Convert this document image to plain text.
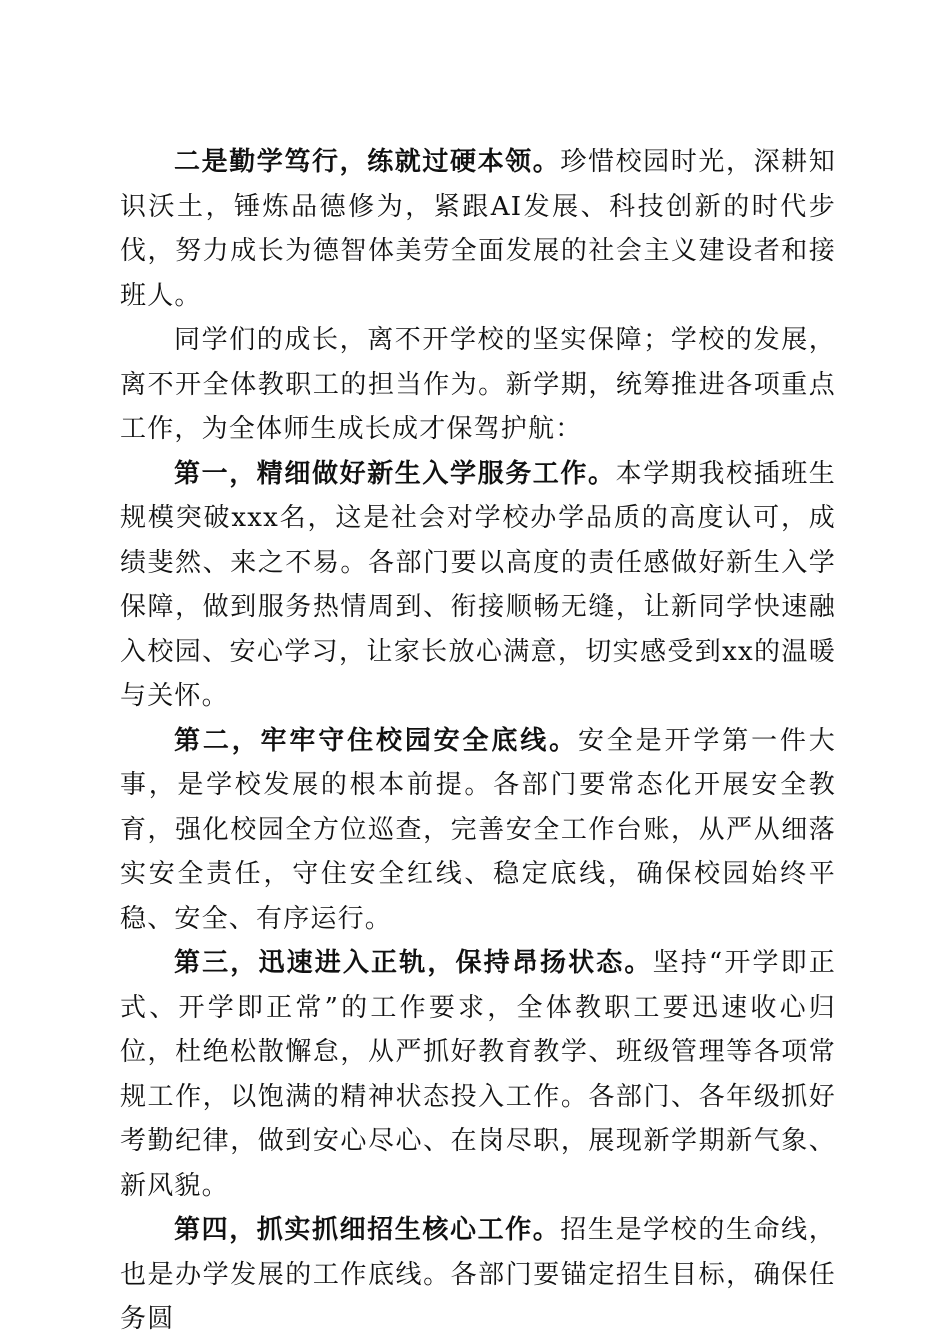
二是勤学笃行，练就过硬本领。珍惜校园时光，深耕知识沃土，锤炼品德修为，紧跟AI发展、科技创新的时代步伐，努力成长为德智体美劳全面发展的社会主义建设者和接班人。

同学们的成长，离不开学校的坚实保障；学校的发展，离不开全体教职工的担当作为。新学期，统筹推进各项重点工作，为全体师生成长成才保驾护航：

第一，精细做好新生入学服务工作。本学期我校插班生规模突破xxx名，这是社会对学校办学品质的高度认可，成绩斐然、来之不易。各部门要以高度的责任感做好新生入学保障，做到服务热情周到、衔接顺畅无缝，让新同学快速融入校园、安心学习，让家长放心满意，切实感受到xx的温暖与关怀。

第二，牢牢守住校园安全底线。安全是开学第一件大事，是学校发展的根本前提。各部门要常态化开展安全教育，强化校园全方位巡查，完善安全工作台账，从严从细落实安全责任，守住安全红线、稳定底线，确保校园始终平稳、安全、有序运行。

第三，迅速进入正轨，保持昂扬状态。坚持“开学即正式、开学即正常”的工作要求，全体教职工要迅速收心归位，杜绝松散懈怠，从严抓好教育教学、班级管理等各项常规工作，以饱满的精神状态投入工作。各部门、各年级抓好考勤纪律，做到安心尽心、在岗尽职，展现新学期新气象、新风貌。

第四，抓实抓细招生核心工作。招生是学校的生命线，也是办学发展的工作底线。各部门要锚定招生目标，确保任务圆
